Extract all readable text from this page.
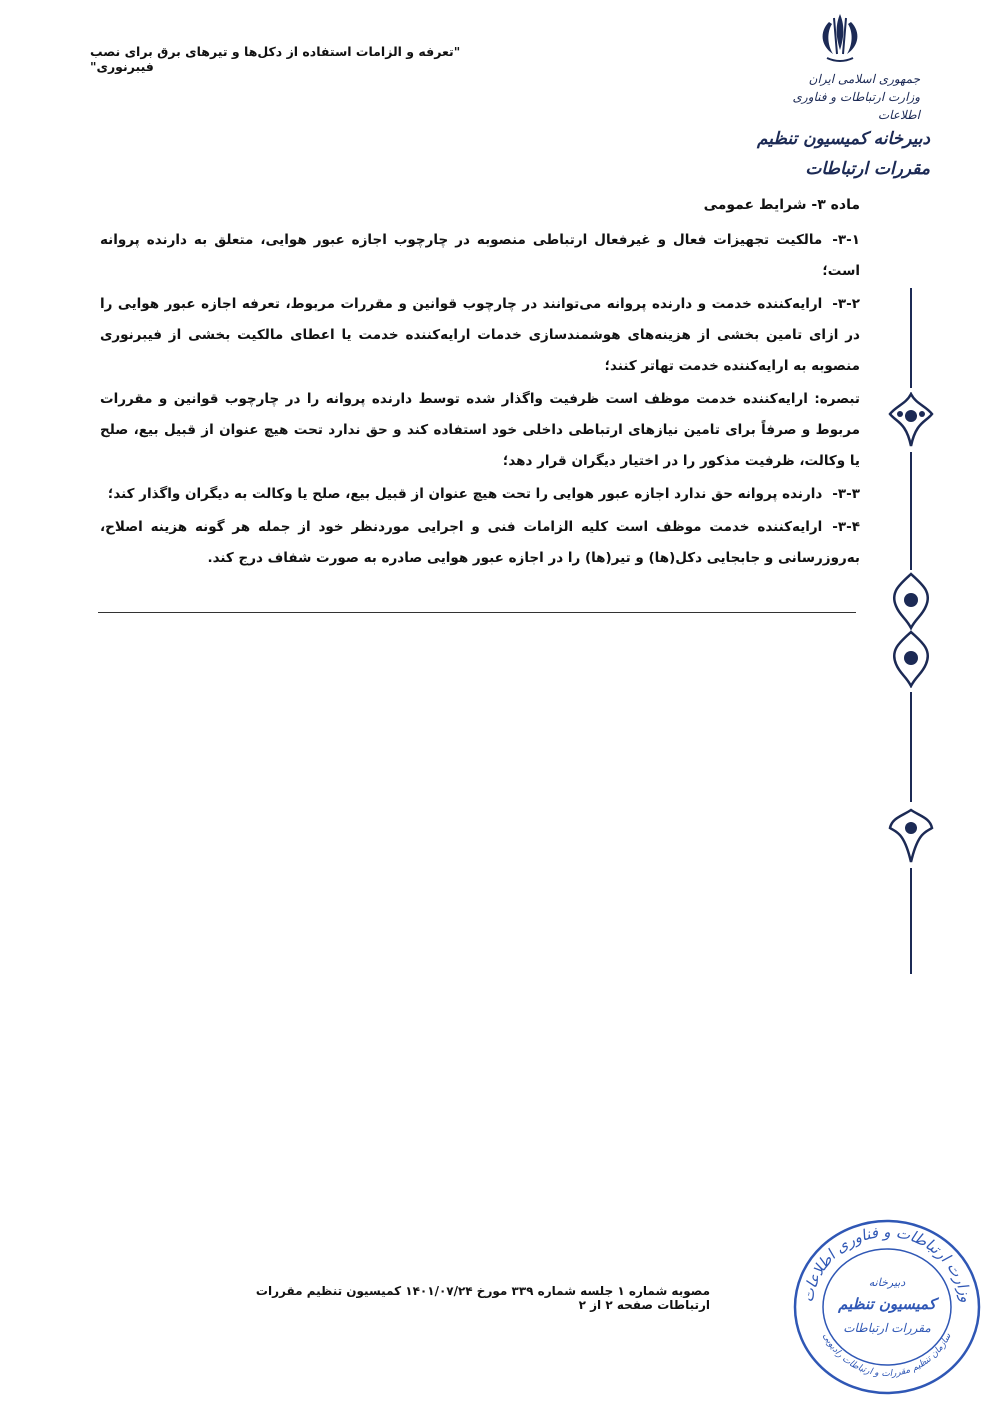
"تعرفه و الزامات استفاده از دکل‌ها و تیرهای برق برای نصب فیبرنوری"
جمهوری اسلامی ایران
وزارت ارتباطات و فناوری اطلاعات
دبیرخانه کمیسیون تنظیم مقررات ارتباطات
ماده ۳- شرایط عمومی

۳-۱-مالکیت تجهیزات فعال و غیرفعال ارتباطی منصوبه در چارچوب اجازه عبور هوایی، متعلق به دارنده پروانه است؛

۳-۲-ارایه‌کننده خدمت و دارنده پروانه می‌توانند در چارچوب قوانین و مقررات مربوط، تعرفه اجازه عبور هوایی را در ازای تامین بخشی از هزینه‌های هوشمندسازی خدمات ارایه‌کننده خدمت یا اعطای مالکیت بخشی از فیبرنوری منصوبه به ارایه‌کننده خدمت تهاتر کنند؛

تبصره: ارایه‌کننده خدمت موظف است ظرفیت واگذار شده توسط دارنده پروانه را در چارچوب قوانین و مقررات مربوط و صرفاً برای تامین نیازهای ارتباطی داخلی خود استفاده کند و حق ندارد تحت هیچ عنوان از قبیل بیع، صلح یا وکالت، ظرفیت مذکور را در اختیار دیگران قرار دهد؛

۳-۳-دارنده پروانه حق ندارد اجازه عبور هوایی را تحت هیچ عنوان از قبیل بیع، صلح یا وکالت به دیگران واگذار کند؛

۳-۴-ارایه‌کننده خدمت موظف است کلیه الزامات فنی و اجرایی موردنظر خود از جمله هر گونه هزینه اصلاح، به‌روزرسانی و جابجایی دکل(ها) و تیر(ها) را در اجازه عبور هوایی صادره به صورت شفاف درج کند.

مصوبه شماره ۱ جلسه شماره ۳۳۹ مورخ ۱۴۰۱/۰۷/۲۴ کمیسیون تنظیم مقررات ارتباطات صفحه ۲ از ۲
وزارت ارتباطات و فناوری اطلاعات
دبیرخانه
کمیسیون تنظیم
مقررات ارتباطات
سازمان تنظیم مقررات و ارتباطات رادیویی
